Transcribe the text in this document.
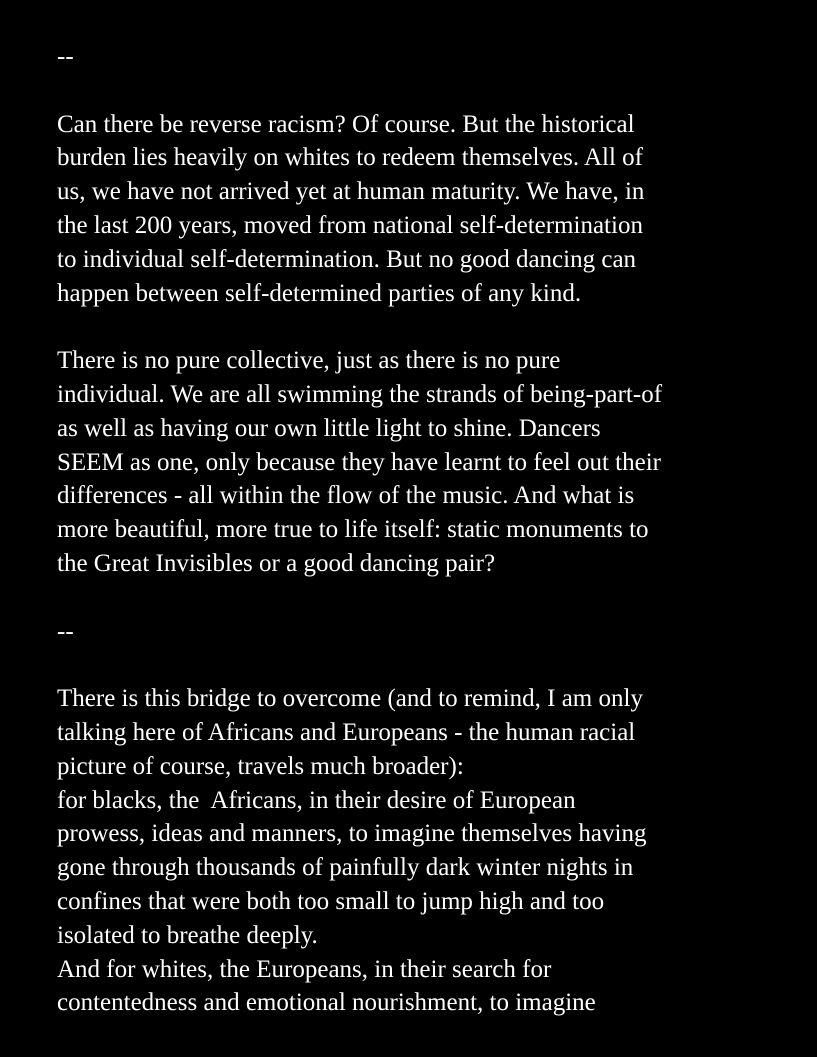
--
Can there be reverse racism? Of course. But the historical
burden lies heavily on whites to redeem themselves. All of
us, we have not arrived yet at human maturity. We have, in
the last 200 years, moved from national self-determination
to individual self-determination. But no good dancing can
happen between self-determined parties of any kind.
There is no pure collective, just as there is no pure
individual. We are all swimming the strands of being-part-of
as well as having our own little light to shine. Dancers
SEEM as one, only because they have learnt to feel out their
differences - all within the flow of the music. And what is
more beautiful, more true to life itself: static monuments to
the Great Invisibles or a good dancing pair?
--
There is this bridge to overcome (and to remind, I am only
talking here of Africans and Europeans - the human racial
picture of course, travels much broader):
for blacks, the  Africans, in their desire of European
prowess, ideas and manners, to imagine themselves having
gone through thousands of painfully dark winter nights in
confines that were both too small to jump high and too
isolated to breathe deeply.
And for whites, the Europeans, in their search for
contentedness and emotional nourishment, to imagine
